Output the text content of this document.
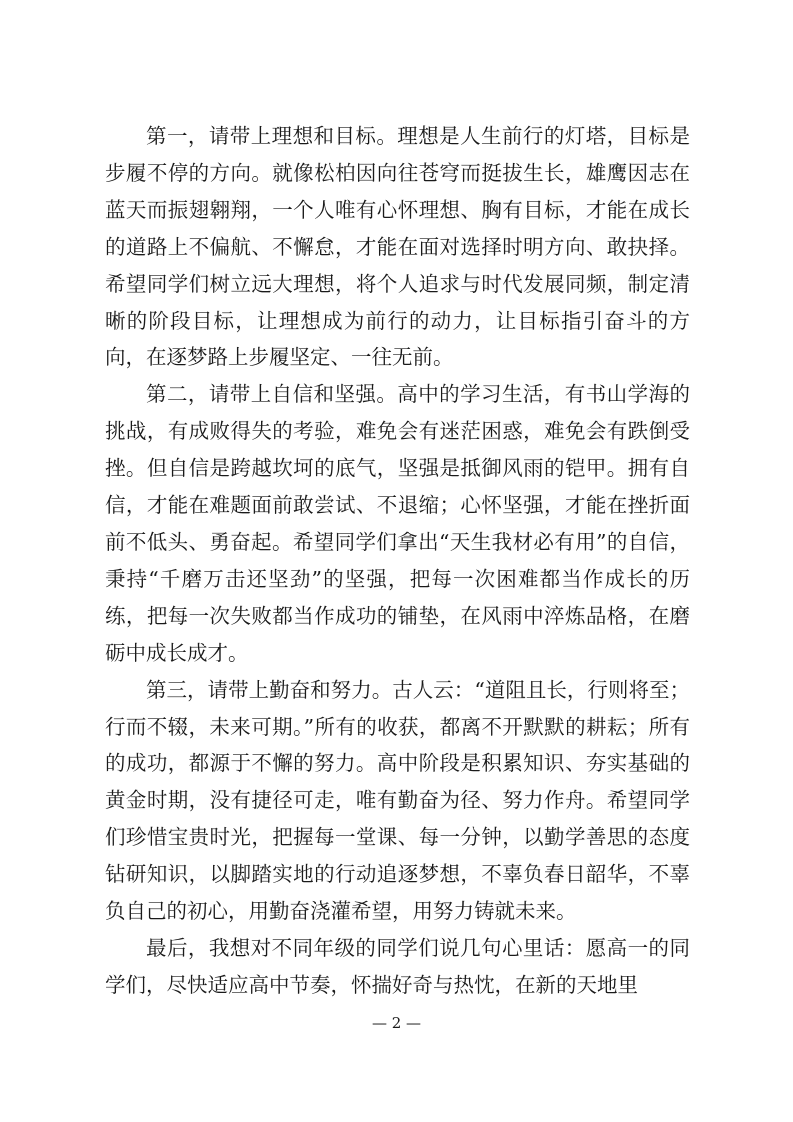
第一，请带上理想和目标。理想是人生前行的灯塔，目标是步履不停的方向。就像松柏因向往苍穹而挺拔生长，雄鹰因志在蓝天而振翅翱翔，一个人唯有心怀理想、胸有目标，才能在成长的道路上不偏航、不懈怠，才能在面对选择时明方向、敢抉择。希望同学们树立远大理想，将个人追求与时代发展同频，制定清晰的阶段目标，让理想成为前行的动力，让目标指引奋斗的方向，在逐梦路上步履坚定、一往无前。

第二，请带上自信和坚强。高中的学习生活，有书山学海的挑战，有成败得失的考验，难免会有迷茫困惑，难免会有跌倒受挫。但自信是跨越坎坷的底气，坚强是抵御风雨的铠甲。拥有自信，才能在难题面前敢尝试、不退缩；心怀坚强，才能在挫折面前不低头、勇奋起。希望同学们拿出“天生我材必有用”的自信，秉持“千磨万击还坚劲”的坚强，把每一次困难都当作成长的历练，把每一次失败都当作成功的铺垫，在风雨中淬炼品格，在磨砺中成长成才。

第三，请带上勤奋和努力。古人云：“道阻且长，行则将至；行而不辍，未来可期。”所有的收获，都离不开默默的耕耘；所有的成功，都源于不懈的努力。高中阶段是积累知识、夯实基础的黄金时期，没有捷径可走，唯有勤奋为径、努力作舟。希望同学们珍惜宝贵时光，把握每一堂课、每一分钟，以勤学善思的态度钻研知识，以脚踏实地的行动追逐梦想，不辜负春日韶华，不辜负自己的初心，用勤奋浇灌希望，用努力铸就未来。

最后，我想对不同年级的同学们说几句心里话：愿高一的同学们，尽快适应高中节奏，怀揣好奇与热忱，在新的天地里

— 2 —
